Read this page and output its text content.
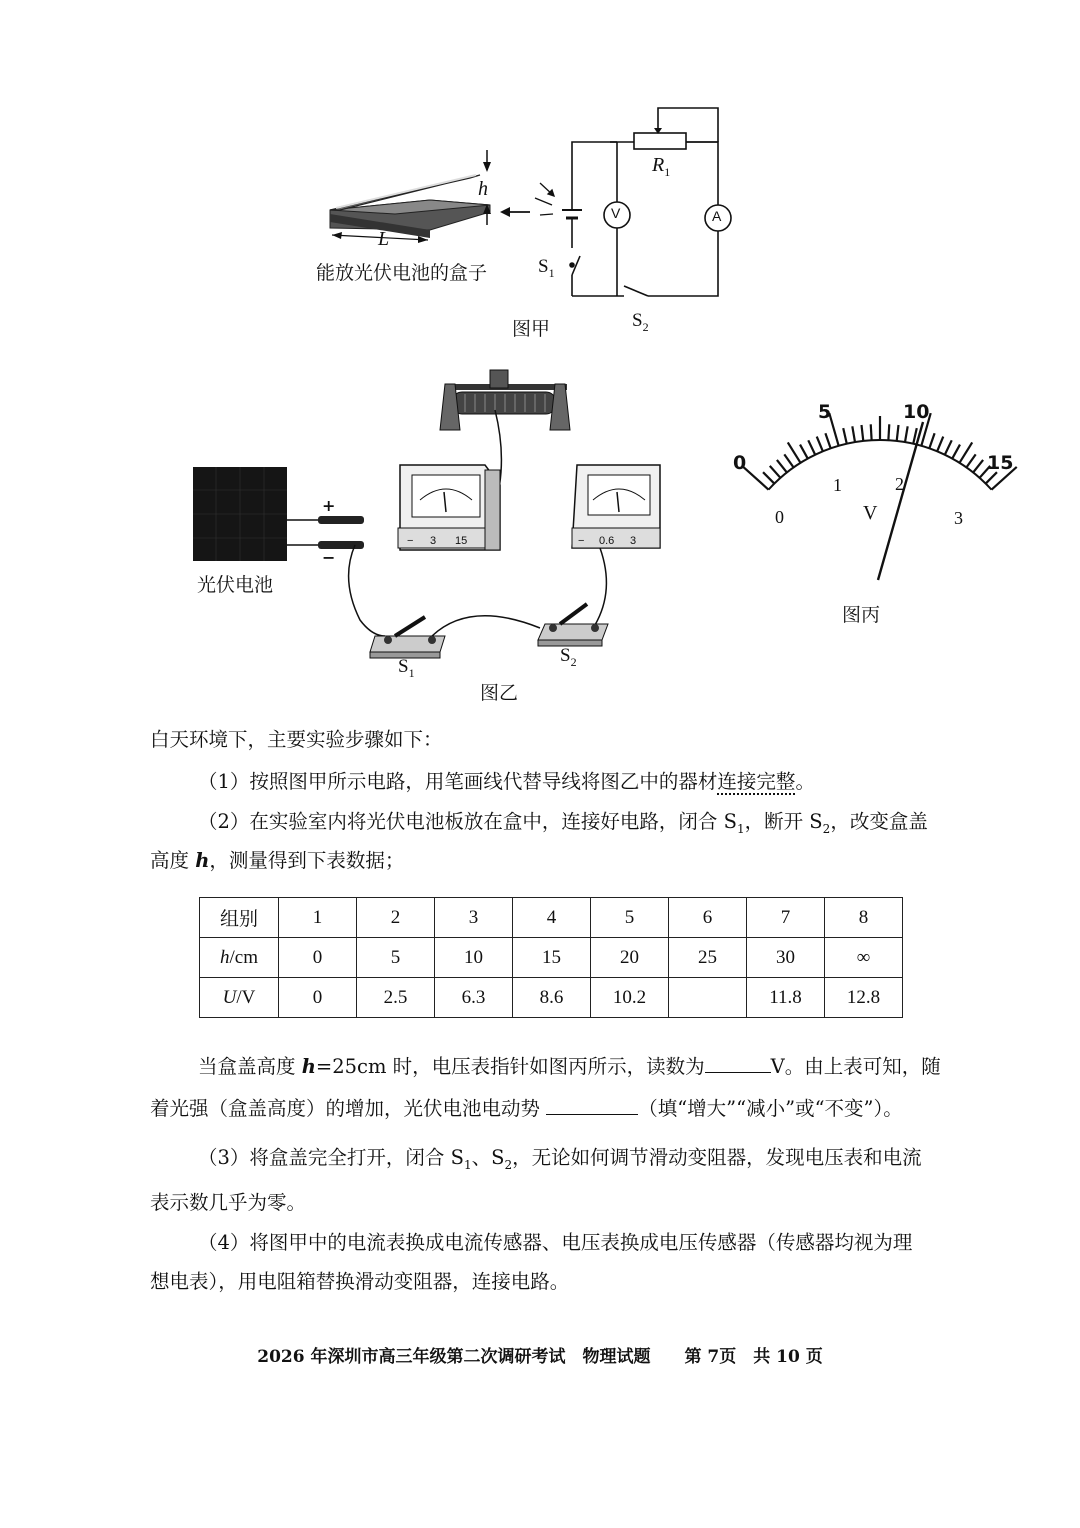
h
L
能放光伏电池的盒子
$R_1$
V	A
$S_1$
$S_2$
图甲
+
−
光伏电池
− 3 15	− 0.6 3
$S_1$
$S_2$
图乙
0
5	10
15
0
1	2
3
V
图丙
白天环境下，主要实验步骤如下：
（1）按照图甲所示电路，用笔画线代替导线将图乙中的器材连接完整。
（2）在实验室内将光伏电池板放在盒中，连接好电路，闭合 $S_1$，断开 $S_2$，改变盒盖
高度 h，测量得到下表数据；
组别	1	2	3	4	5	6	7	8
h/cm	0	5	10	15	20	25	30	∞
U/V	0	2.5	6.3	8.6	10.2		11.8	12.8
当盒盖高度 h=25cm 时，电压表指针如图丙所示，读数为	V。由上表可知，随
着光强（盒盖高度）的增加，光伏电池电动势	（填“增大”“减小”或“不变”）。
（3）将盒盖完全打开，闭合 $S_1$、$S_2$，无论如何调节滑动变阻器，发现电压表和电流
表示数几乎为零。
（4）将图甲中的电流表换成电流传感器、电压表换成电压传感器（传感器均视为理
想电表），用电阻箱替换滑动变阻器，连接电路。
2026 年深圳市高三年级第二次调研考试　物理试题　　第 7页　共 10 页
